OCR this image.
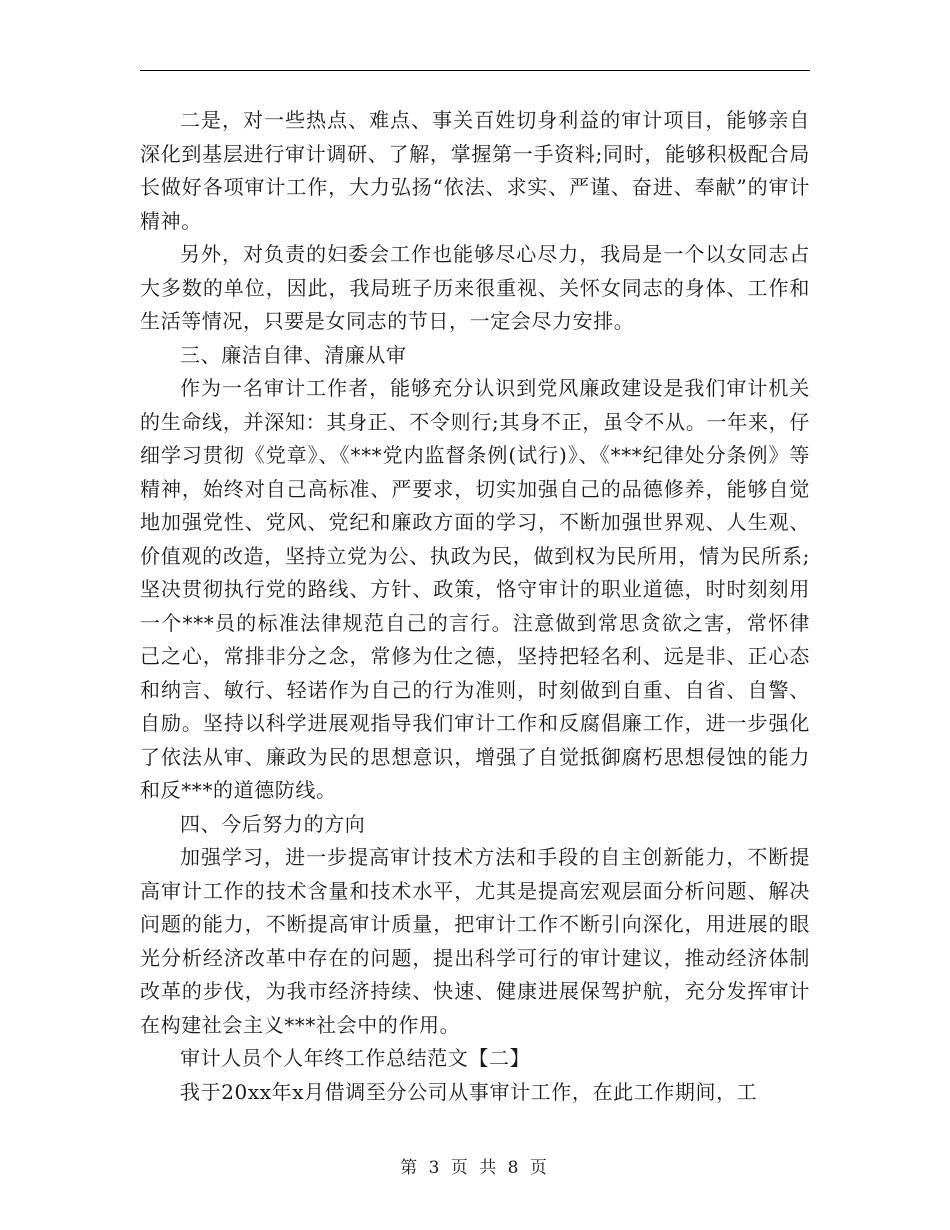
二是，对一些热点、难点、事关百姓切身利益的审计项目，能够亲自深化到基层进行审计调研、了解，掌握第一手资料;同时，能够积极配合局长做好各项审计工作，大力弘扬“依法、求实、严谨、奋进、奉献”的审计精神。

另外，对负责的妇委会工作也能够尽心尽力，我局是一个以女同志占大多数的单位，因此，我局班子历来很重视、关怀女同志的身体、工作和生活等情况，只要是女同志的节日，一定会尽力安排。

三、廉洁自律、清廉从审

作为一名审计工作者，能够充分认识到党风廉政建设是我们审计机关的生命线，并深知：其身正、不令则行;其身不正，虽令不从。一年来，仔细学习贯彻《党章》、《***党内监督条例(试行)》、《***纪律处分条例》等精神，始终对自己高标准、严要求，切实加强自己的品德修养，能够自觉地加强党性、党风、党纪和廉政方面的学习，不断加强世界观、人生观、价值观的改造，坚持立党为公、执政为民，做到权为民所用，情为民所系;坚决贯彻执行党的路线、方针、政策，恪守审计的职业道德，时时刻刻用一个***员的标准法律规范自己的言行。注意做到常思贪欲之害，常怀律己之心，常排非分之念，常修为仕之德，坚持把轻名利、远是非、正心态和纳言、敏行、轻诺作为自己的行为准则，时刻做到自重、自省、自警、自励。坚持以科学进展观指导我们审计工作和反腐倡廉工作，进一步强化了依法从审、廉政为民的思想意识，增强了自觉抵御腐朽思想侵蚀的能力和反***的道德防线。

四、今后努力的方向

加强学习，进一步提高审计技术方法和手段的自主创新能力，不断提高审计工作的技术含量和技术水平，尤其是提高宏观层面分析问题、解决问题的能力，不断提高审计质量，把审计工作不断引向深化，用进展的眼光分析经济改革中存在的问题，提出科学可行的审计建议，推动经济体制改革的步伐，为我市经济持续、快速、健康进展保驾护航，充分发挥审计在构建社会主义***社会中的作用。

审计人员个人年终工作总结范文【二】

我于20xx年x月借调至分公司从事审计工作，在此工作期间，工

第 3 页 共 8 页
